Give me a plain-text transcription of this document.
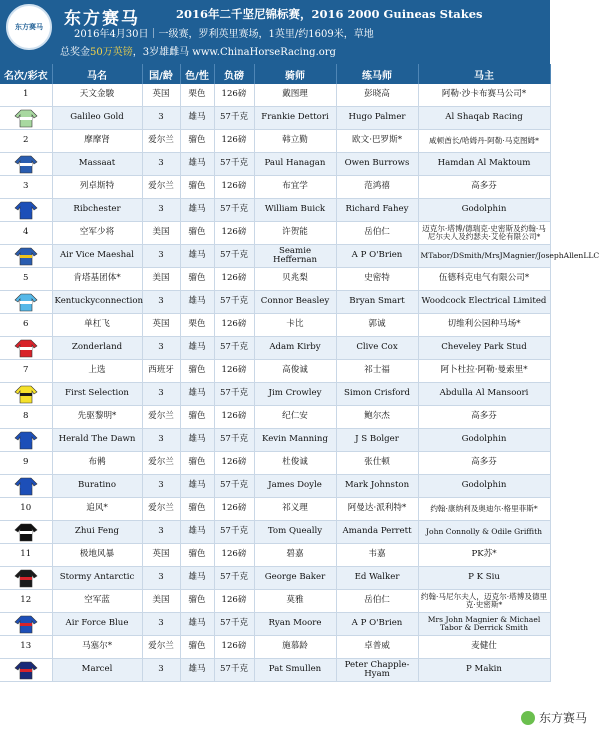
东方赛马 东方赛马	2016年二千坚尼锦标赛，2016 2000 Guineas Stakes
2016年4月30日｜一级赛，罗利英里赛场，1英里/约1609米，草地
总奖金50万英镑，3岁雄雌马 www.ChinaHorseRacing.org
名次/彩衣	马名	国/龄	色/性	负磅	骑师	练马师	马主
1	天文金駿	英国	栗色	126磅	戴图理	彭晓高	阿勒·沙卡布赛马公司*
	Galileo Gold	3	雄马	57千克	Frankie Dettori	Hugo Palmer	Al Shaqab Racing
2	摩摩肾	爱尔兰	骝色	126磅	韩立勤	欧文·巴罗斯*	咸顿酋长/哈姆丹·阿勒·马克图姆*
	Massaat	3	雄马	57千克	Paul Hanagan	Owen Burrows	Hamdan Al Maktoum
3	列卓斯特	爱尔兰	骝色	126磅	布宜学	范鸿禧	高多芬
	Ribchester	3	雄马	57千克	William Buick	Richard Fahey	Godolphin
4	空军少将	美国	骝色	126磅	许贺能	岳伯仁	迈克尔·塔博/德瑞克·史密斯及约翰·马尼尔夫人及约瑟夫·艾伦有限公司*
	Air Vice Maeshal	3	雄马	57千克	Seamie Heffernan	A P O'Brien	MTabor/DSmith/MrsJMagnier/JosephAllenLLC
5	肯塔基团体*	美国	骝色	126磅	贝兆梨	史密特	伍德科克电气有限公司*
	Kentuckyconnection	3	雄马	57千克	Connor Beasley	Bryan Smart	Woodcock Electrical Limited
6	单杠飞	英国	栗色	126磅	卡比	郭诚	切维利公园种马场*
	Zonderland	3	雄马	57千克	Adam Kirby	Clive Cox	Cheveley Park Stud
7	上选	西班牙	骝色	126磅	高俊诚	祁士福	阿卜杜拉·阿勒·曼索里*
	First Selection	3	雄马	57千克	Jim Crowley	Simon Crisford	Abdulla Al Mansoori
8	先驱黎明*	爱尔兰	骝色	126磅	纪仁安	鲍尔杰	高多芬
	Herald The Dawn	3	雄马	57千克	Kevin Manning	J S Bolger	Godolphin
9	布鸺	爱尔兰	骝色	126磅	杜俊诚	张仕顿	高多芬
	Buratino	3	雄马	57千克	James Doyle	Mark Johnston	Godolphin
10	追风*	爱尔兰	骝色	126磅	祁义理	阿曼达·派利特*	约翰·康纳利及奥迪尔·格里菲斯*
	Zhui Feng	3	雄马	57千克	Tom Queally	Amanda Perrett	John Connolly & Odile Griffith
11	极地风暴	英国	骝色	126磅	碧嘉	韦嘉	PK苏*
	Stormy Antarctic	3	雄马	57千克	George Baker	Ed Walker	P K Siu
12	空军蓝	美国	骝色	126磅	莫雅	岳伯仁	约翰·马尼尔夫人，迈克尔·塔博及德里克·史密斯*
	Air Force Blue	3	雄马	57千克	Ryan Moore	A P O'Brien	Mrs John Magnier & Michael Tabor & Derrick Smith
13	马塞尔*	爱尔兰	骝色	126磅	施慕龄	卓普威	麦健仕
	Marcel	3	雄马	57千克	Pat Smullen	Peter Chapple-Hyam	P Makin
东方赛马
